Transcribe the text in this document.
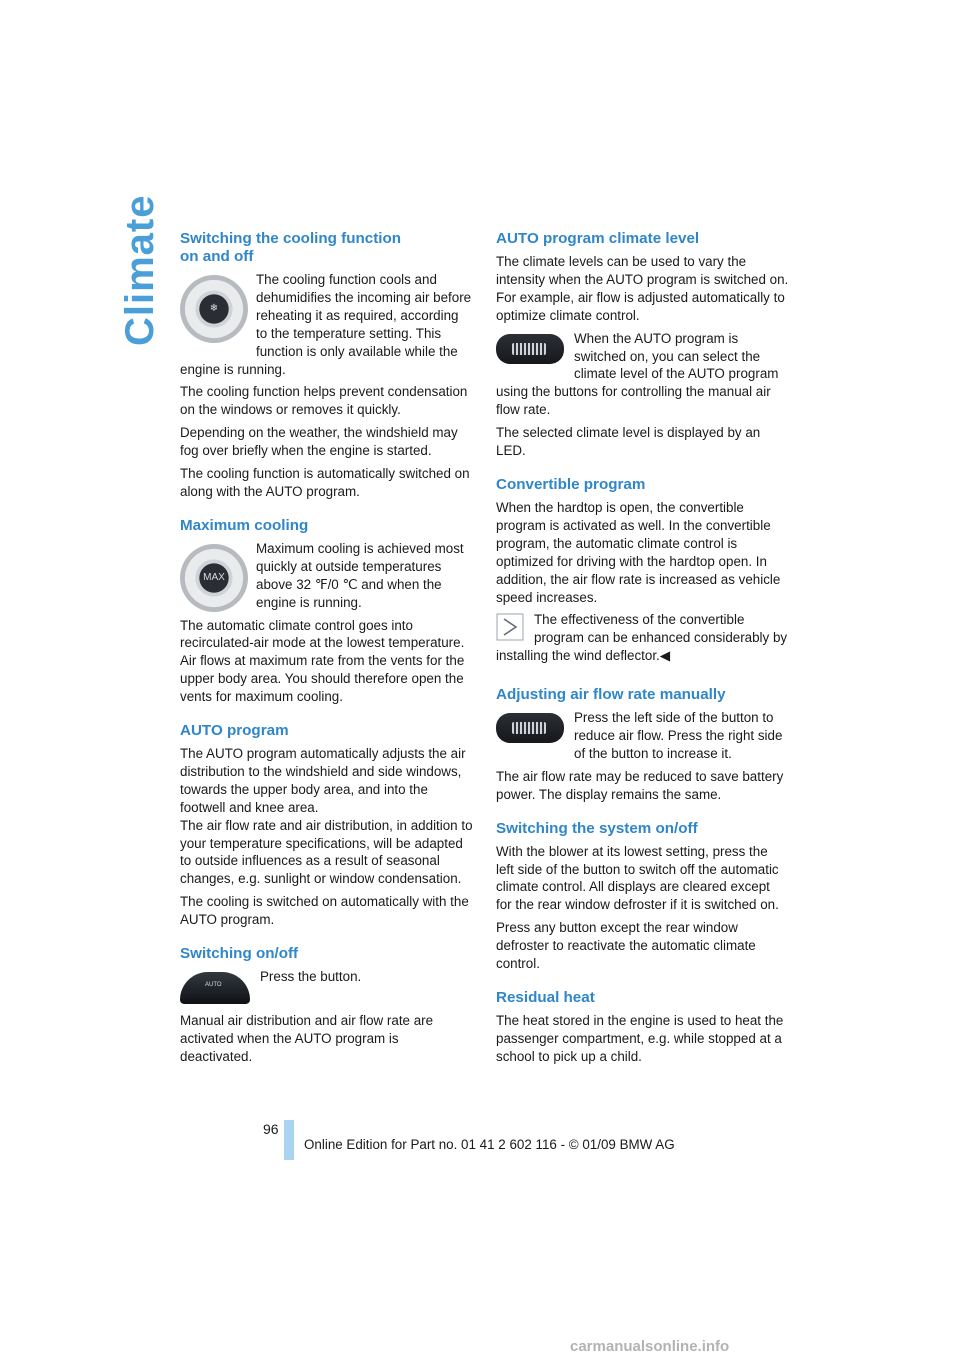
Climate Switching the cooling function
on and off
❄

The cooling function cools and dehumidifies the incoming air before reheating it as required, according to the temperature setting. This function is only available while the engine is running.

The cooling function helps prevent condensation on the windows or removes it quickly.

Depending on the weather, the windshield may fog over briefly when the engine is started.

The cooling function is automatically switched on along with the AUTO program.

Maximum cooling
MAX

Maximum cooling is achieved most quickly at outside temperatures above 32 ℉/0 ℃ and when the engine is running.

The automatic climate control goes into recirculated-air mode at the lowest temperature. Air flows at maximum rate from the vents for the upper body area. You should therefore open the vents for maximum cooling.

AUTO program

The AUTO program automatically adjusts the air distribution to the windshield and side windows, towards the upper body area, and into the footwell and knee area.

The air flow rate and air distribution, in addition to your temperature specifications, will be adapted to outside influences as a result of seasonal changes, e.g. sunlight or window condensation.

The cooling is switched on automatically with the AUTO program.

Switching on/off
AUTO

Press the button.

Manual air distribution and air flow rate are activated when the AUTO program is deactivated.

AUTO program climate level

The climate levels can be used to vary the intensity when the AUTO program is switched on. For example, air flow is adjusted automatically to optimize climate control.

When the AUTO program is switched on, you can select the climate level of the AUTO program using the buttons for controlling the manual air flow rate.

The selected climate level is displayed by an LED.

Convertible program

When the hardtop is open, the convertible program is activated as well. In the convertible program, the automatic climate control is optimized for driving with the hardtop open. In addition, the air flow rate is increased as vehicle speed increases.

The effectiveness of the convertible program can be enhanced considerably by installing the wind deflector.◀

Adjusting air flow rate manually

Press the left side of the button to reduce air flow. Press the right side of the button to increase it.

The air flow rate may be reduced to save battery power. The display remains the same.

Switching the system on/off

With the blower at its lowest setting, press the left side of the button to switch off the automatic climate control. All displays are cleared except for the rear window defroster if it is switched on.

Press any button except the rear window defroster to reactivate the automatic climate control.

Residual heat

The heat stored in the engine is used to heat the passenger compartment, e.g. while stopped at a school to pick up a child.

96
Online Edition for Part no. 01 41 2 602 116 - © 01/09 BMW AG
carmanualsonline.info
